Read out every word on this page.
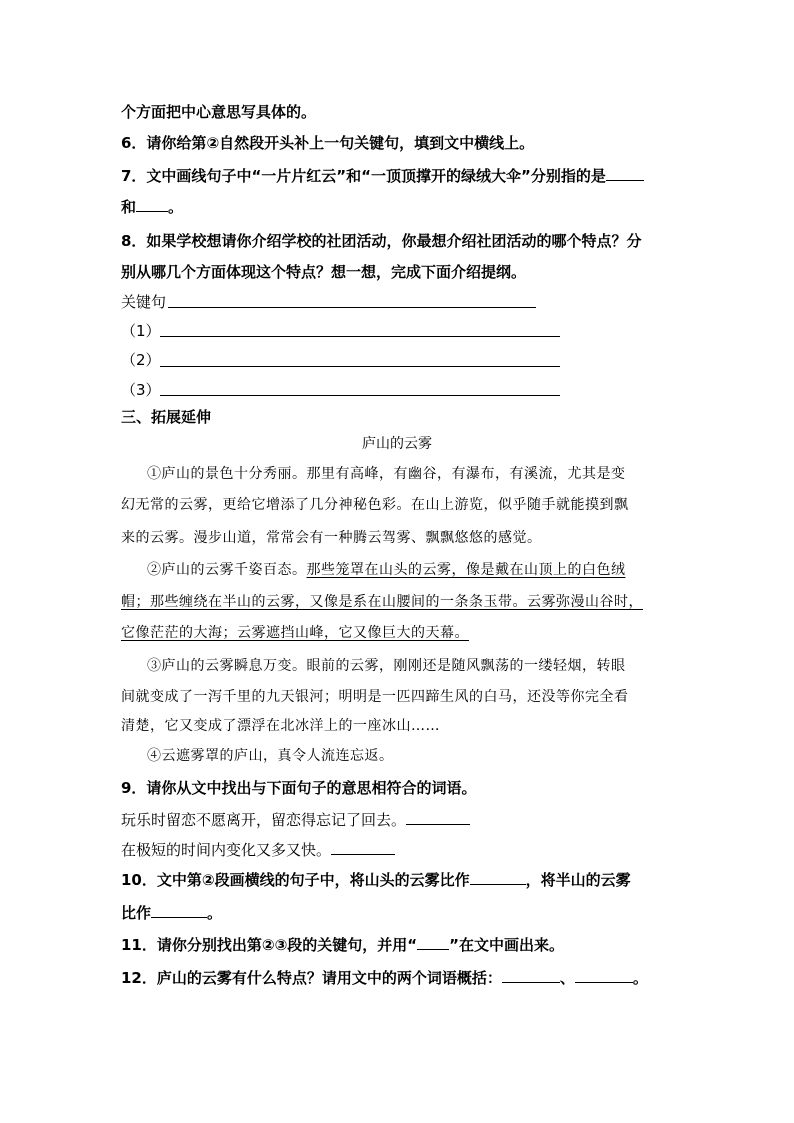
个方面把中心意思写具体的。
6．请你给第②自然段开头补上一句关键句，填到文中横线上。
7．文中画线句子中“一片片红云”和“一顶顶撑开的绿绒大伞”分别指的是
和 。
8．如果学校想请你介绍学校的社团活动，你最想介绍社团活动的哪个特点？分
别从哪几个方面体现这个特点？想一想，完成下面介绍提纲。
关键句
（1）
（2）
（3）
三、拓展延伸
庐山的云雾
①庐山的景色十分秀丽。那里有高峰，有幽谷，有瀑布，有溪流，尤其是变
幻无常的云雾，更给它增添了几分神秘色彩。在山上游览，似乎随手就能摸到飘
来的云雾。漫步山道，常常会有一种腾云驾雾、飘飘悠悠的感觉。
②庐山的云雾千姿百态。那些笼罩在山头的云雾，像是戴在山顶上的白色绒
帽；那些缠绕在半山的云雾，又像是系在山腰间的一条条玉带。云雾弥漫山谷时，
它像茫茫的大海；云雾遮挡山峰，它又像巨大的天幕。
③庐山的云雾瞬息万变。眼前的云雾，刚刚还是随风飘荡的一缕轻烟，转眼
间就变成了一泻千里的九天银河；明明是一匹四蹄生风的白马，还没等你完全看
清楚，它又变成了漂浮在北冰洋上的一座冰山……
④云遮雾罩的庐山，真令人流连忘返。
9．请你从文中找出与下面句子的意思相符合的词语。
玩乐时留恋不愿离开，留恋得忘记了回去。
在极短的时间内变化又多又快。
10．文中第②段画横线的句子中，将山头的云雾比作	，将半山的云雾
比作	。
11．请你分别找出第②③段的关键句，并用“ ”在文中画出来。
12．庐山的云雾有什么特点？请用文中的两个词语概括：	、	。
